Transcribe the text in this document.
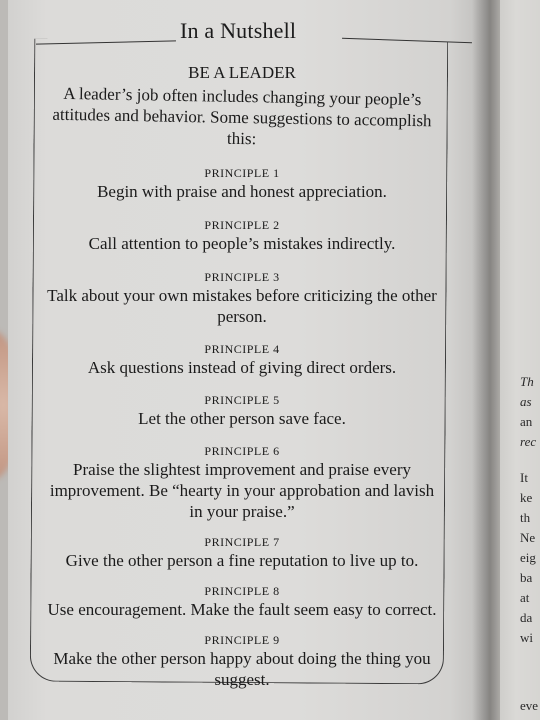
Th
as
an
rec
It
ke
th
Ne
eig
ba
at
da
wi
eve
In a Nutshell

BE A LEADER

A leader’s job often includes changing your people’s attitudes and behavior. Some suggestions to accomplish this:

PRINCIPLE 1
Begin with praise and honest appreciation.
PRINCIPLE 2
Call attention to people’s mistakes indirectly.
PRINCIPLE 3
Talk about your own mistakes before criticizing the other person.
PRINCIPLE 4
Ask questions instead of giving direct orders.
PRINCIPLE 5
Let the other person save face.
PRINCIPLE 6
Praise the slightest improvement and praise every improvement. Be “hearty in your approbation and lavish in your praise.”
PRINCIPLE 7
Give the other person a fine reputation to live up to.
PRINCIPLE 8
Use encouragement. Make the fault seem easy to correct.
PRINCIPLE 9
Make the other person happy about doing the thing you suggest.
